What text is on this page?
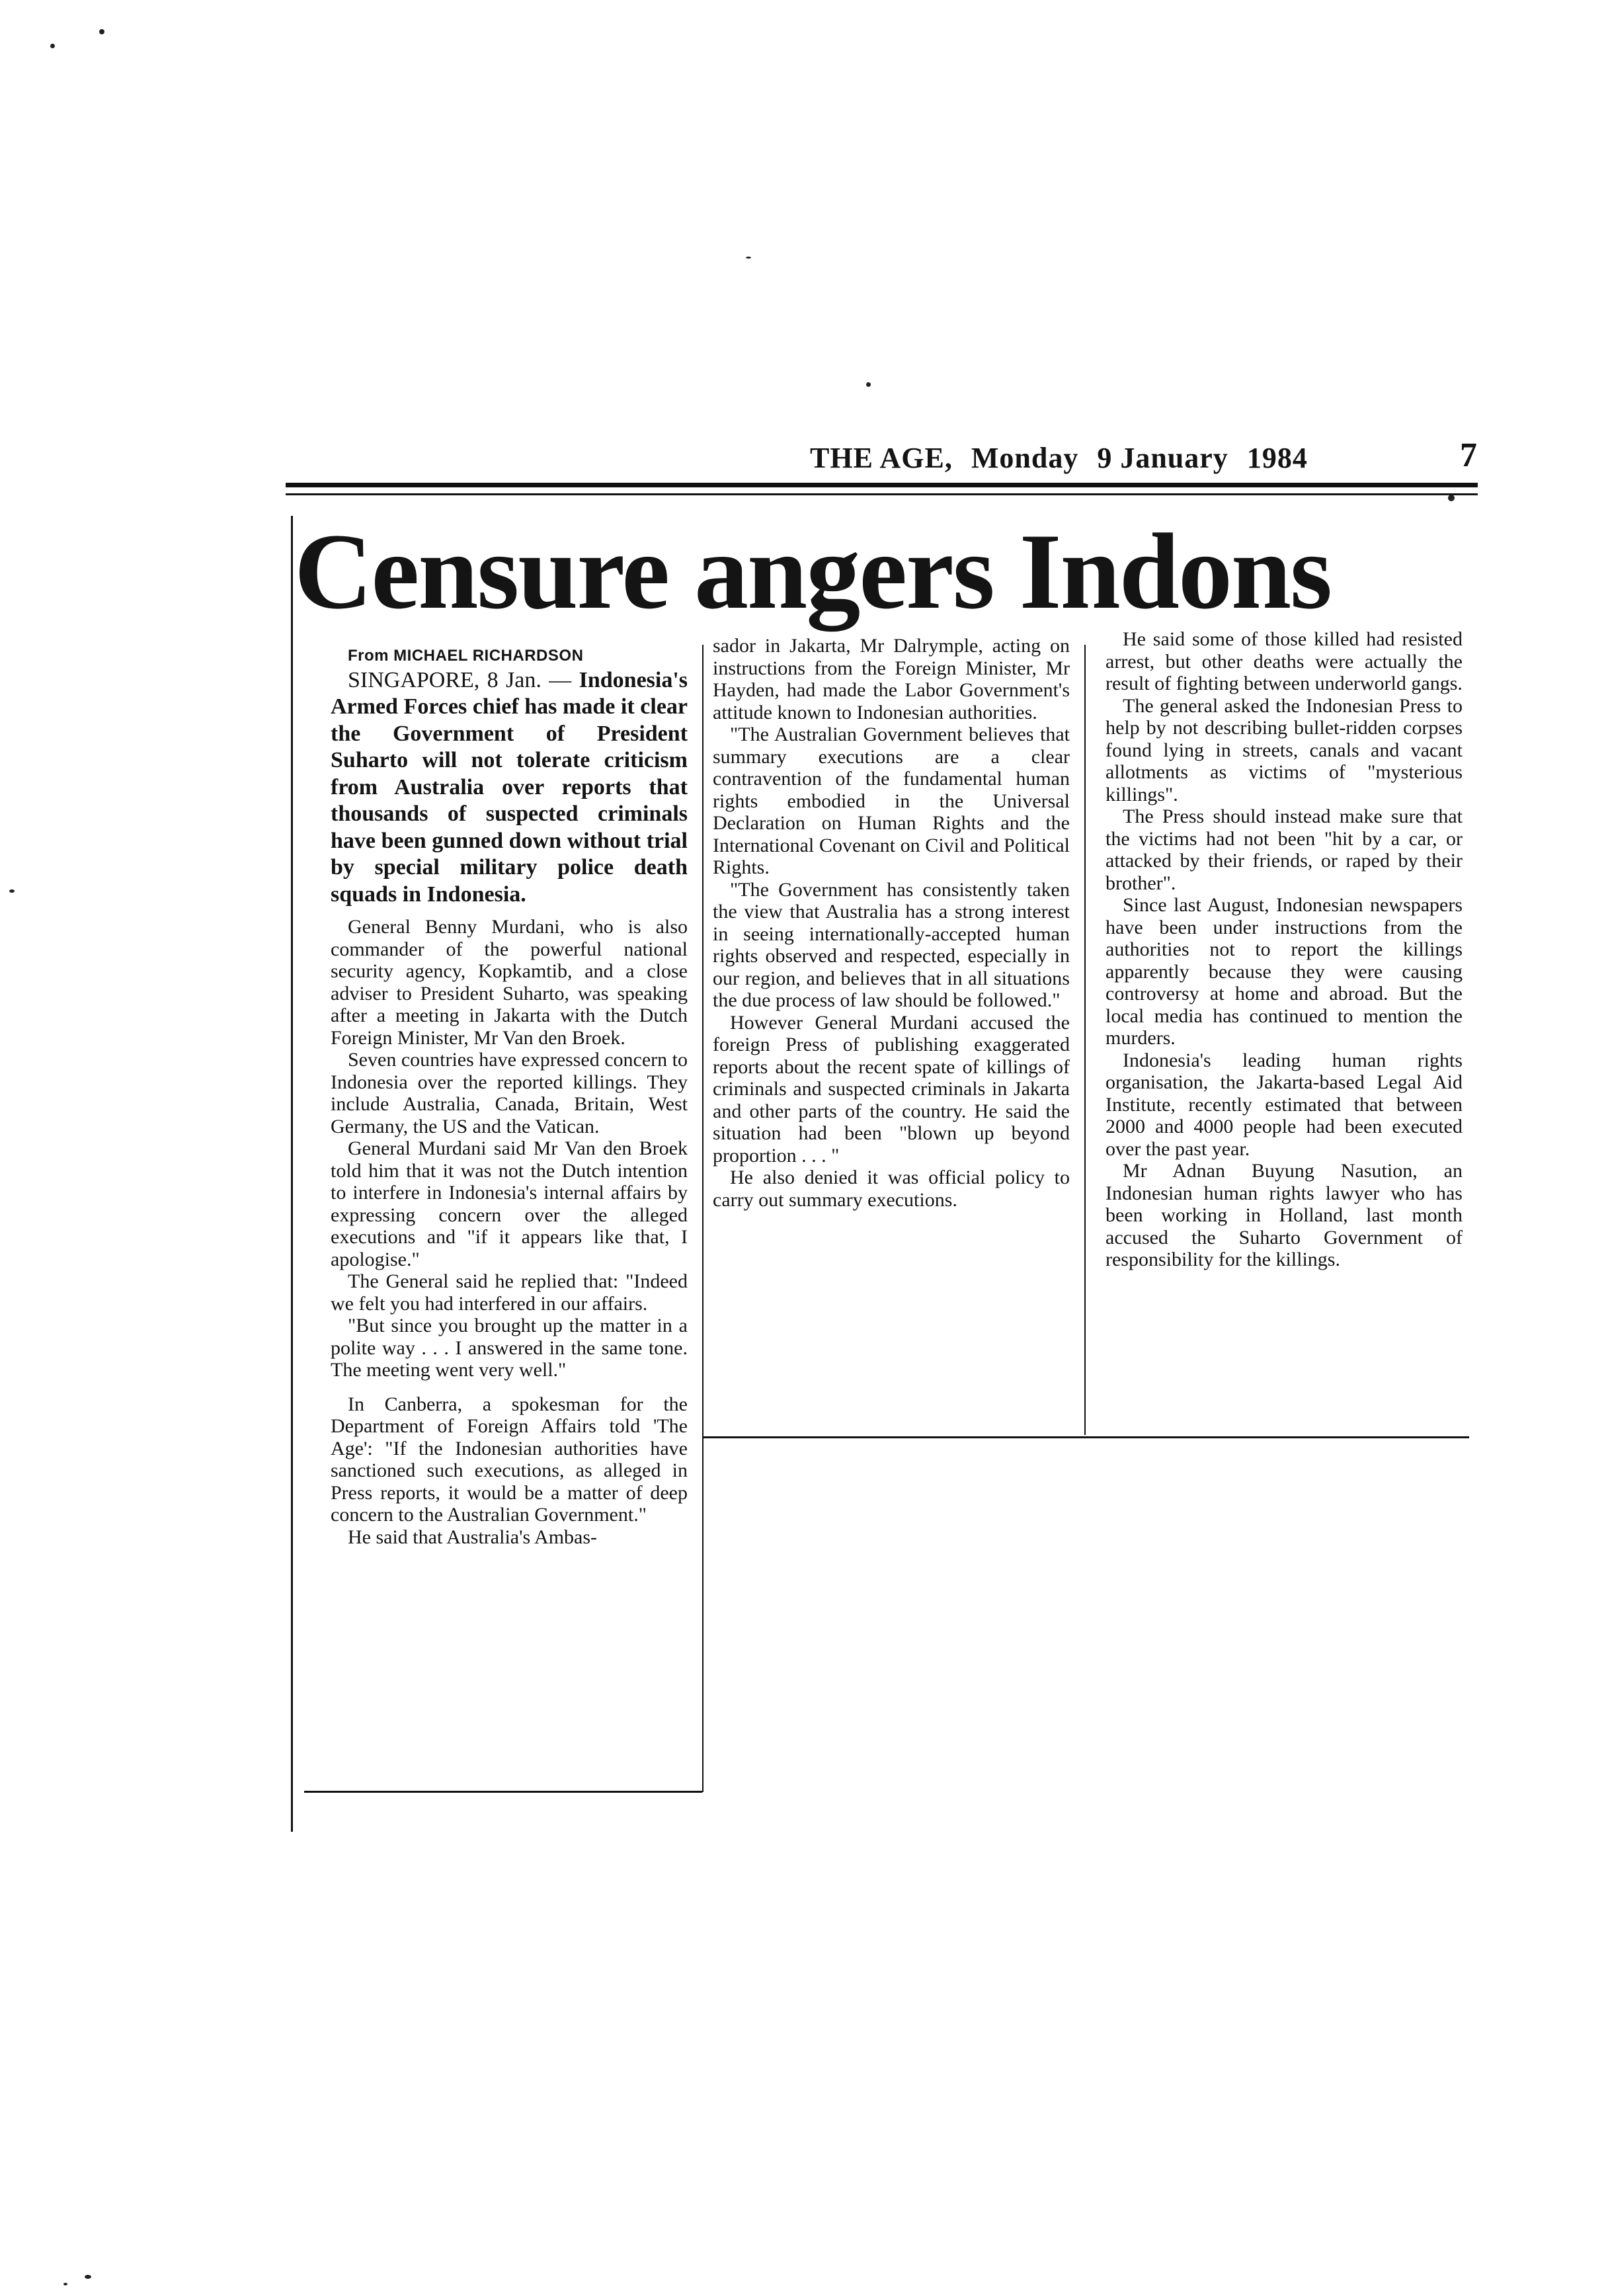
THE AGE, Monday 9 January 1984	7
Censure angers Indons

From MICHAEL RICHARDSON

SINGAPORE, 8 Jan. — Indonesia's Armed Forces chief has made it clear the Government of President Suharto will not tolerate criticism from Australia over reports that thousands of suspected criminals have been gunned down without trial by special military police death squads in Indonesia.

General Benny Murdani, who is also commander of the powerful national security agency, Kopkamtib, and a close adviser to President Suharto, was speaking after a meeting in Jakarta with the Dutch Foreign Minister, Mr Van den Broek.

Seven countries have expressed concern to Indonesia over the reported killings. They include Australia, Canada, Britain, West Germany, the US and the Vatican.

General Murdani said Mr Van den Broek told him that it was not the Dutch intention to interfere in Indonesia's internal affairs by expressing concern over the alleged executions and "if it appears like that, I apologise."

The General said he replied that: "Indeed we felt you had interfered in our affairs.

"But since you brought up the matter in a polite way . . . I answered in the same tone. The meeting went very well."

In Canberra, a spokesman for the Department of Foreign Affairs told 'The Age': "If the Indonesian authorities have sanctioned such executions, as alleged in Press reports, it would be a matter of deep concern to the Australian Government."

He said that Australia's Ambas-

sador in Jakarta, Mr Dalrymple, acting on instructions from the Foreign Minister, Mr Hayden, had made the Labor Government's attitude known to Indonesian authorities.

"The Australian Government believes that summary executions are a clear contravention of the fundamental human rights embodied in the Universal Declaration on Human Rights and the International Covenant on Civil and Political Rights.

"The Government has consistently taken the view that Australia has a strong interest in seeing internationally-accepted human rights observed and respected, especially in our region, and believes that in all situations the due process of law should be followed."

However General Murdani accused the foreign Press of publishing exaggerated reports about the recent spate of killings of criminals and suspected criminals in Jakarta and other parts of the country. He said the situation had been "blown up beyond proportion . . . "

He also denied it was official policy to carry out summary executions.

He said some of those killed had resisted arrest, but other deaths were actually the result of fighting between underworld gangs.

The general asked the Indonesian Press to help by not describing bullet-ridden corpses found lying in streets, canals and vacant allotments as victims of "mysterious killings".

The Press should instead make sure that the victims had not been "hit by a car, or attacked by their friends, or raped by their brother".

Since last August, Indonesian newspapers have been under instructions from the authorities not to report the killings apparently because they were causing controversy at home and abroad. But the local media has continued to mention the murders.

Indonesia's leading human rights organisation, the Jakarta-based Legal Aid Institute, recently estimated that between 2000 and 4000 people had been executed over the past year.

Mr Adnan Buyung Nasution, an Indonesian human rights lawyer who has been working in Holland, last month accused the Suharto Government of responsibility for the killings.
